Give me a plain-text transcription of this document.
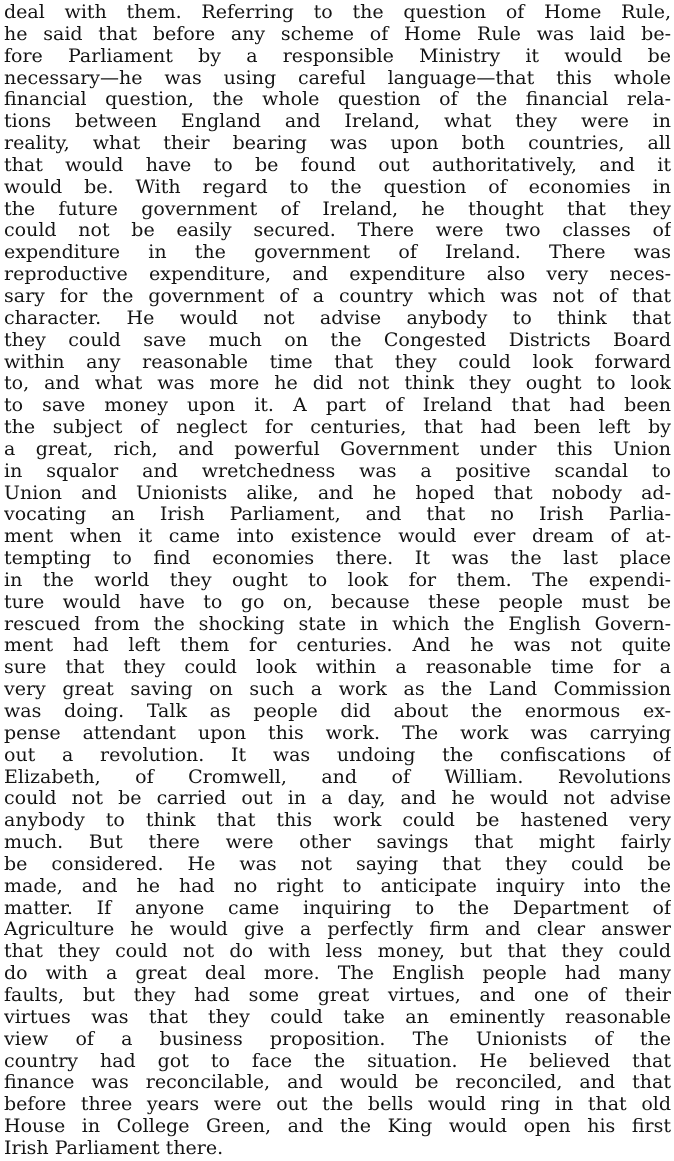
deal with them. Referring to the question of Home Rule,
he said that before any scheme of Home Rule was laid be-
fore Parliament by a responsible Ministry it would be
necessary—he was using careful language—that this whole
financial question, the whole question of the financial rela-
tions between England and Ireland, what they were in
reality, what their bearing was upon both countries, all
that would have to be found out authoritatively, and it
would be. With regard to the question of economies in
the future government of Ireland, he thought that they
could not be easily secured. There were two classes of
expenditure in the government of Ireland. There was
reproductive expenditure, and expenditure also very neces-
sary for the government of a country which was not of that
character. He would not advise anybody to think that
they could save much on the Congested Districts Board
within any reasonable time that they could look forward
to, and what was more he did not think they ought to look
to save money upon it. A part of Ireland that had been
the subject of neglect for centuries, that had been left by
a great, rich, and powerful Government under this Union
in squalor and wretchedness was a positive scandal to
Union and Unionists alike, and he hoped that nobody ad-
vocating an Irish Parliament, and that no Irish Parlia-
ment when it came into existence would ever dream of at-
tempting to find economies there. It was the last place
in the world they ought to look for them. The expendi-
ture would have to go on, because these people must be
rescued from the shocking state in which the English Govern-
ment had left them for centuries. And he was not quite
sure that they could look within a reasonable time for a
very great saving on such a work as the Land Commission
was doing. Talk as people did about the enormous ex-
pense attendant upon this work. The work was carrying
out a revolution. It was undoing the confiscations of
Elizabeth, of Cromwell, and of William. Revolutions
could not be carried out in a day, and he would not advise
anybody to think that this work could be hastened very
much. But there were other savings that might fairly
be considered. He was not saying that they could be
made, and he had no right to anticipate inquiry into the
matter. If anyone came inquiring to the Department of
Agriculture he would give a perfectly firm and clear answer
that they could not do with less money, but that they could
do with a great deal more. The English people had many
faults, but they had some great virtues, and one of their
virtues was that they could take an eminently reasonable
view of a business proposition. The Unionists of the
country had got to face the situation. He believed that
finance was reconcilable, and would be reconciled, and that
before three years were out the bells would ring in that old
House in College Green, and the King would open his first
Irish Parliament there.
